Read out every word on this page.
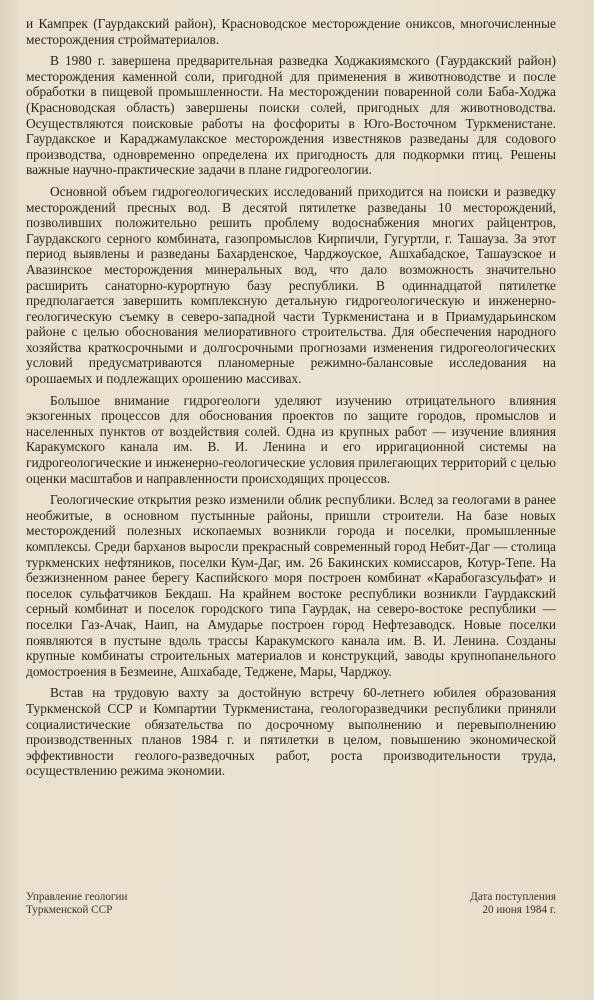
и Кампрек (Гаурдакский район), Красноводское месторождение ониксов, многочисленные месторождения стройматериалов.

В 1980 г. завершена предварительная разведка Ходжакиямского (Гаурдакский район) месторождения каменной соли, пригодной для применения в животноводстве и после обработки в пищевой промышленности. На месторождении поваренной соли Баба-Ходжа (Красноводская область) завершены поиски солей, пригодных для животноводства. Осуществляются поисковые работы на фосфориты в Юго-Восточном Туркменистане. Гаурдакское и Караджамулакское месторождения известняков разведаны для содового производства, одновременно определена их пригодность для подкормки птиц. Решены важные научно-практические задачи в плане гидрогеологии.

Основной объем гидрогеологических исследований приходится на поиски и разведку месторождений пресных вод. В десятой пятилетке разведаны 10 месторождений, позволивших положительно решить проблему водоснабжения многих райцентров, Гаурдакского серного комбината, газопромыслов Кирпичли, Гугуртли, г. Ташауза. За этот период выявлены и разведаны Бахарденское, Чарджоуское, Ашхабадское, Ташаузское и Авазинское месторождения минеральных вод, что дало возможность значительно расширить санаторно-курортную базу республики. В одиннадцатой пятилетке предполагается завершить комплексную детальную гидрогеологическую и инженерно-геологическую съемку в северо-западной части Туркменистана и в Приамударьинском районе с целью обоснования мелиоративного строительства. Для обеспечения народного хозяйства краткосрочными и долгосрочными прогнозами изменения гидрогеологических условий предусматриваются планомерные режимно-балансовые исследования на орошаемых и подлежащих орошению массивах.

Большое внимание гидрогеологи уделяют изучению отрицательного влияния экзогенных процессов для обоснования проектов по защите городов, промыслов и населенных пунктов от воздействия солей. Одна из крупных работ — изучение влияния Каракумского канала им. В. И. Ленина и его ирригационной системы на гидрогеологические и инженерно-геологические условия прилегающих территорий с целью оценки масштабов и направленности происходящих процессов.

Геологические открытия резко изменили облик республики. Вслед за геологами в ранее необжитые, в основном пустынные районы, пришли строители. На базе новых месторождений полезных ископаемых возникли города и поселки, промышленные комплексы. Среди барханов выросли прекрасный современный город Небит-Даг — столица туркменских нефтяников, поселки Кум-Даг, им. 26 Бакинских комиссаров, Котур-Тепе. На безжизненном ранее берегу Каспийского моря построен комбинат «Карабогазсульфат» и поселок сульфатчиков Бекдаш. На крайнем востоке республики возникли Гаурдакский серный комбинат и поселок городского типа Гаурдак, на северо-востоке республики — поселки Газ-Ачак, Наип, на Амударье построен город Нефтезаводск. Новые поселки появляются в пустыне вдоль трассы Каракумского канала им. В. И. Ленина. Созданы крупные комбинаты строительных материалов и конструкций, заводы крупнопанельного домостроения в Безмеине, Ашхабаде, Теджене, Мары, Чарджоу.

Встав на трудовую вахту за достойную встречу 60-летнего юбилея образования Туркменской ССР и Компартии Туркменистана, геологоразведчики республики приняли социалистические обязательства по досрочному выполнению и перевыполнению производственных планов 1984 г. и пятилетки в целом, повышению экономической эффективности геолого-разведочных работ, роста производительности труда, осуществлению режима экономии.

Управление геологии
Туркменской ССР
Дата поступления
20 июня 1984 г.
